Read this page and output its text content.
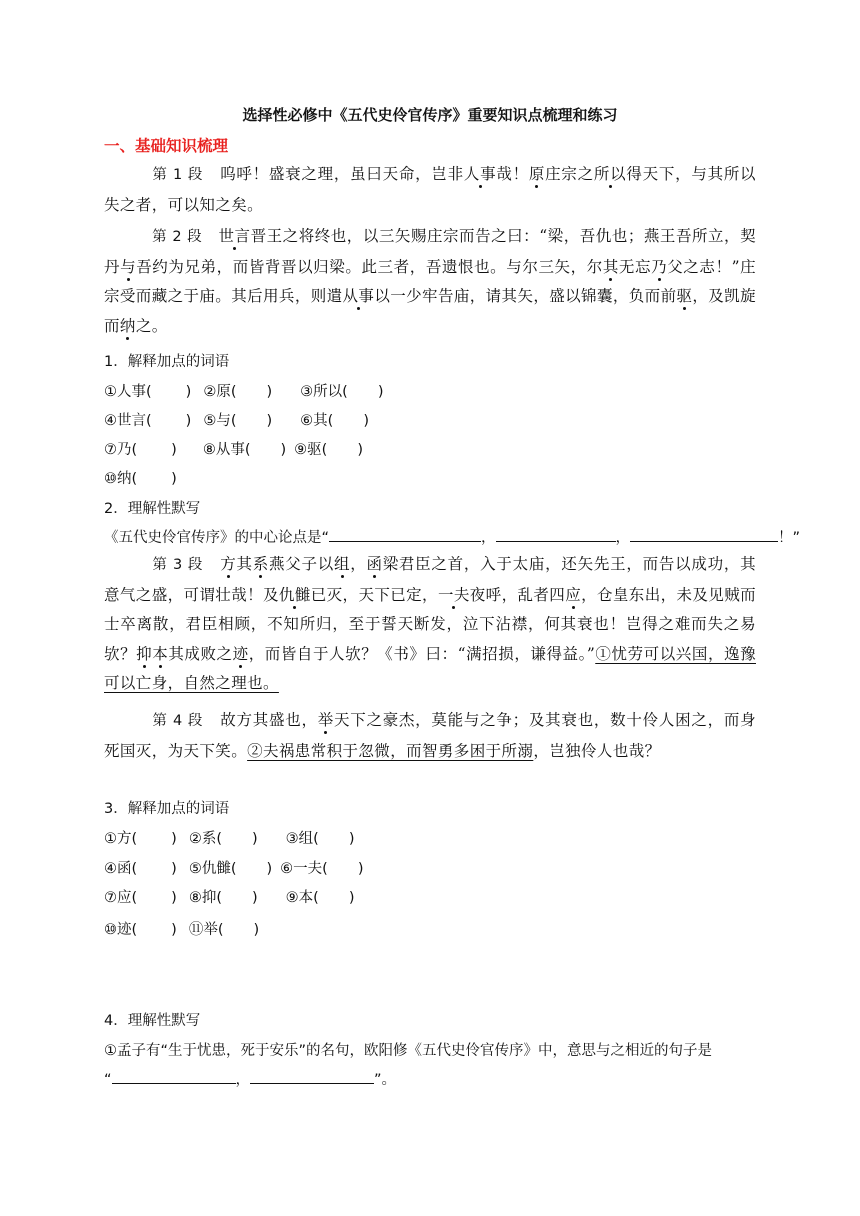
选择性必修中《五代史伶官传序》重要知识点梳理和练习
一、基础知识梳理
第 1 段 呜呼！盛衰之理，虽曰天命，岂非人事哉！原庄宗之所以得天下，与其所以失之者，可以知之矣。
第 2 段 世言晋王之将终也，以三矢赐庄宗而告之曰：“梁，吾仇也；燕王吾所立，契丹与吾约为兄弟，而皆背晋以归梁。此三者，吾遗恨也。与尔三矢，尔其无忘乃父之志！”庄宗受而藏之于庙。其后用兵，则遣从事以一少牢告庙，请其矢，盛以锦囊，负而前驱，及凯旋而纳之。
1．解释加点的词语
①人事( ) ②原( ) ③所以( )
④世言( ) ⑤与( ) ⑥其( )
⑦乃( ) ⑧从事( ) ⑨驱( )
⑩纳( )
2．理解性默写
《五代史伶官传序》的中心论点是“	，	，	！”
第 3 段 方其系燕父子以组，函梁君臣之首，入于太庙，还矢先王，而告以成功，其意气之盛，可谓壮哉！及仇雠已灭，天下已定，一夫夜呼，乱者四应，仓皇东出，未及见贼而士卒离散，君臣相顾，不知所归，至于誓天断发，泣下沾襟，何其衰也！岂得之难而失之易欤？抑本其成败之迹，而皆自于人欤？《书》曰：“满招损，谦得益。”①忧劳可以兴国，逸豫可以亡身，自然之理也。
第 4 段 故方其盛也，举天下之豪杰，莫能与之争；及其衰也，数十伶人困之，而身死国灭，为天下笑。②夫祸患常积于忽微，而智勇多困于所溺，岂独伶人也哉？
3．解释加点的词语
①方( ) ②系( ) ③组( )
④函( ) ⑤仇雠( ) ⑥一夫( )
⑦应( ) ⑧抑( ) ⑨本( )
⑩迹( ) ⑪举( )
4．理解性默写
①孟子有“生于忧患，死于安乐”的名句，欧阳修《五代史伶官传序》中，意思与之相近的句子是
“	，	”。
